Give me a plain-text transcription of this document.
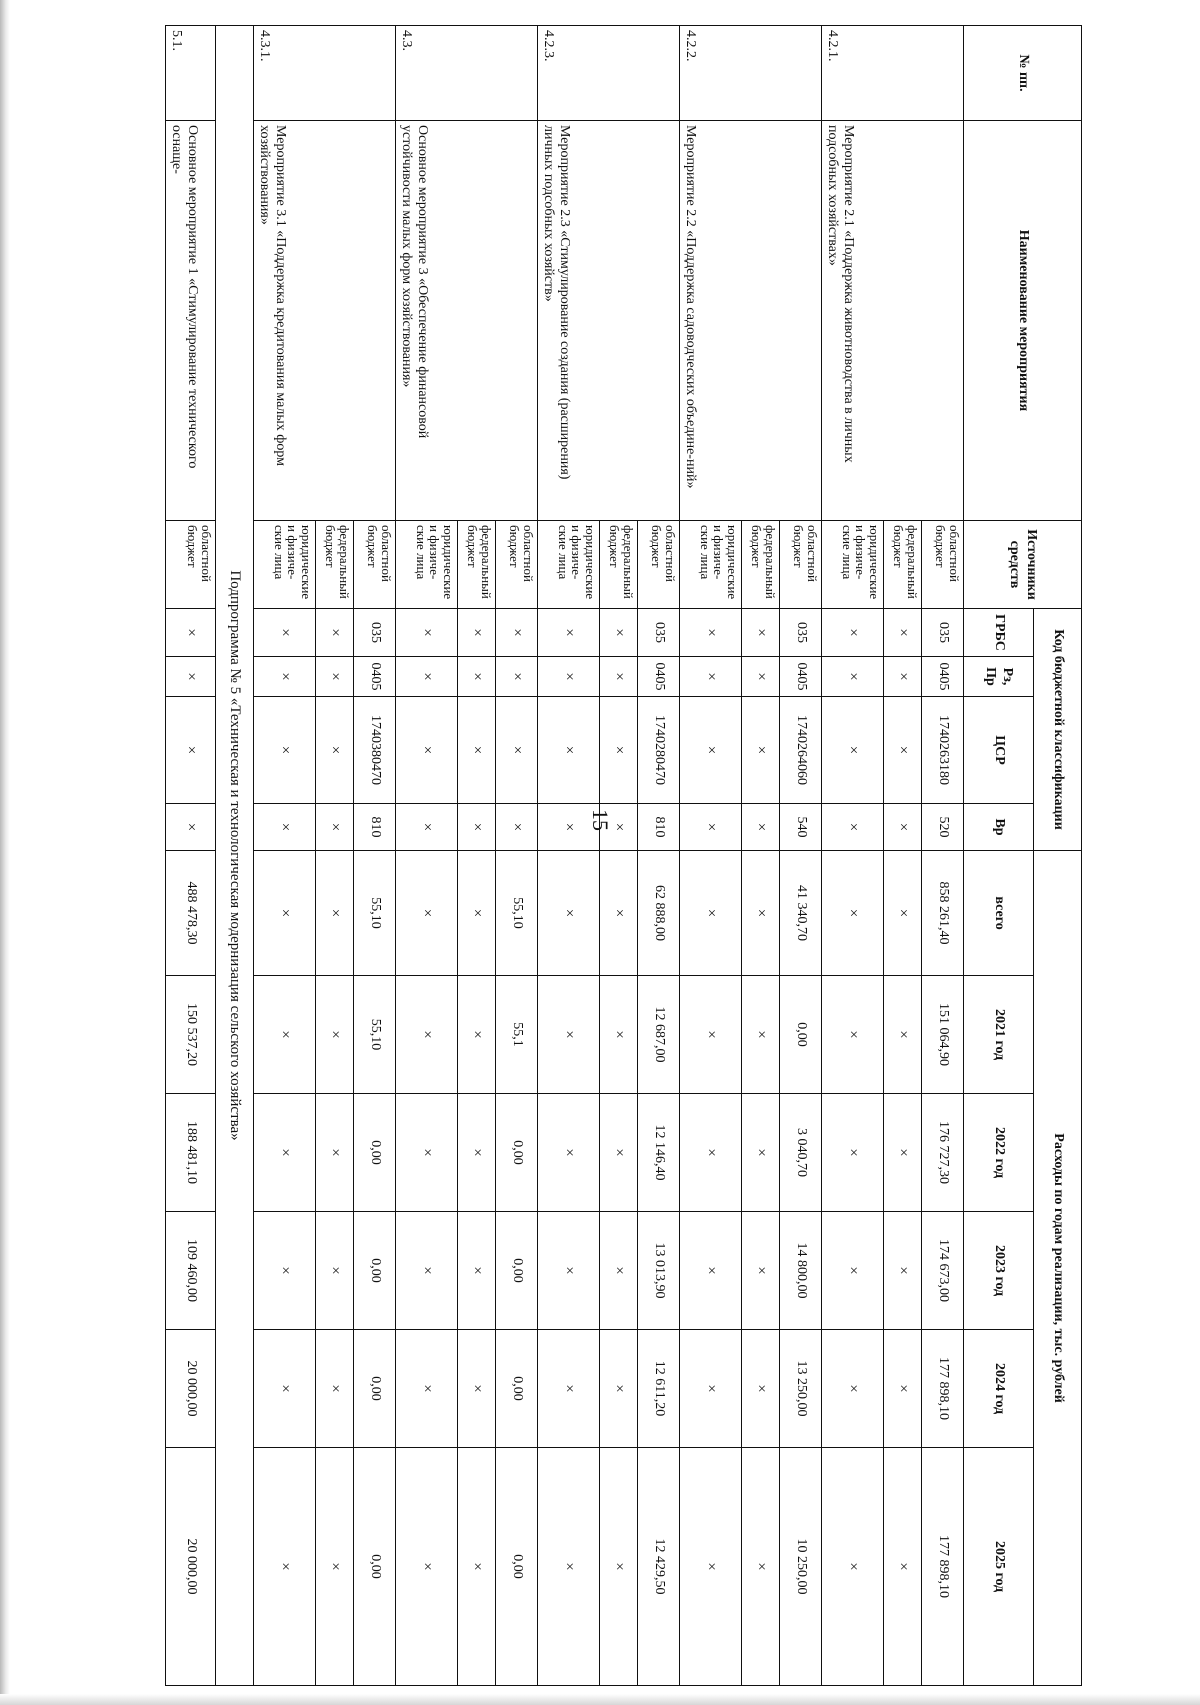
15
№ пп.	Наименование мероприятия	Источники средств	Код бюджетной классификации				Расходы по годам реализации, тыс. рублей					
			ГРБС	Рз, Пр	ЦСР	Вр	всего	2021 год	2022 год	2023 год	2024 год	2025 год
4.2.1.	Мероприятие 2.1 «Поддержка животноводства в личных подсобных хозяйствах»	областной бюджет	035	0405	1740263180	520	858 261,40	151 064,90	176 727,30	174 673,00	177 898,10	177 898,10
		федеральный бюджет	×	×	×	×	×	×	×	×	×	×
		юридические и физиче-ские лица	×	×	×	×	×	×	×	×	×	×
4.2.2.	Мероприятие 2.2 «Поддержка садоводческих объедине-ний»	областной бюджет	035	0405	1740264060	540	41 340,70	0,00	3 040,70	14 800,00	13 250,00	10 250,00
		федеральный бюджет	×	×	×	×	×	×	×	×	×	×
		юридические и физиче-ские лица	×	×	×	×	×	×	×	×	×	×
4.2.3.	Мероприятие 2.3 «Стимулирование создания (расширения) личных подсобных хозяйств»	областной бюджет	035	0405	1740280470	810	62 888,00	12 687,00	12 146,40	13 013,90	12 611,20	12 429,50
		федеральный бюджет	×	×	×	×	×	×	×	×	×	×
		юридические и физиче-ские лица	×	×	×	×	×	×	×	×	×	×
4.3.	Основное мероприятие 3 «Обеспечение финансовой устойчивости малых форм хозяйствования»	областной бюджет	×	×	×	×	55,10	55,1	0,00	0,00	0,00	0,00
		федеральный бюджет	×	×	×	×	×	×	×	×	×	×
		юридические и физиче-ские лица	×	×	×	×	×	×	×	×	×	×
4.3.1.	Мероприятие 3.1 «Поддержка кредитования малых форм хозяйствования»	областной бюджет	035	0405	1740380470	810	55,10	55,10	0,00	0,00	0,00	0,00
		федеральный бюджет	×	×	×	×	×	×	×	×	×	×
		юридические и физиче-ские лица	×	×	×	×	×	×	×	×	×	×
Подпрограмма № 5 «Техническая и технологическая модернизация сельского хозяйства»												
5.1.	Основное мероприятие 1 «Стимулирование технического оснаще-	областной бюджет	×	×	×	×	488 478,30	150 537,20	188 481,10	109 460,00	20 000,00	20 000,00
